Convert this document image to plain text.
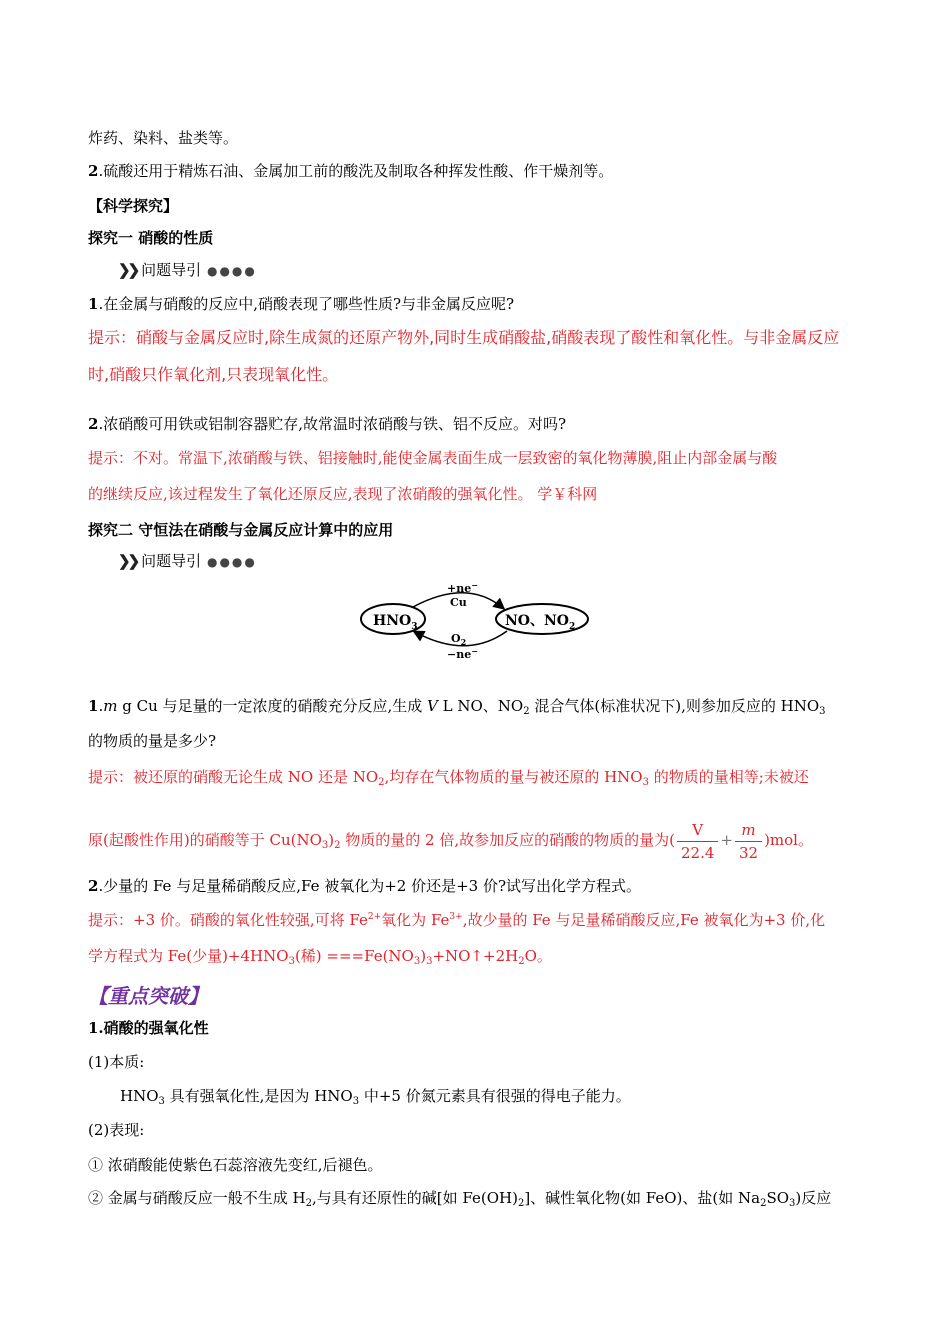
炸药、染料、盐类等。
2.硫酸还用于精炼石油、金属加工前的酸洗及制取各种挥发性酸、作干燥剂等。
【科学探究】
探究一 硝酸的性质
❯❯ 问题导引 ●●●●
1.在金属与硝酸的反应中,硝酸表现了哪些性质?与非金属反应呢?
提示：硝酸与金属反应时,除生成氮的还原产物外,同时生成硝酸盐,硝酸表现了酸性和氧化性。与非金属反应
时,硝酸只作氧化剂,只表现氧化性。
2.浓硝酸可用铁或铝制容器贮存,故常温时浓硝酸与铁、铝不反应。对吗?
提示：不对。常温下,浓硝酸与铁、铝接触时,能使金属表面生成一层致密的氧化物薄膜,阻止内部金属与酸
的继续反应,该过程发生了氧化还原反应,表现了浓硝酸的强氧化性。 学￥科网
探究二 守恒法在硝酸与金属反应计算中的应用
❯❯ 问题导引 ●●●●
$HNO_3$	NO、$NO_2$
+ne−
Cu
$O_2$
−ne−
1.m g Cu 与足量的一定浓度的硝酸充分反应,生成 V L NO、$NO_2$ 混合气体(标准状况下),则参加反应的 $HNO_3$
的物质的量是多少?
提示：被还原的硝酸无论生成 NO 还是 $NO_2$,均存在气体物质的量与被还原的 $HNO_3$ 的物质的量相等;未被还
原(起酸性作用)的硝酸等于 $Cu(NO_3)_2$ 物质的量的 2 倍,故参加反应的硝酸的物质的量为( $\frac{V}{22.4} + \frac{m}{32} )mol$。
2.少量的 Fe 与足量稀硝酸反应,Fe 被氧化为+2 价还是+3 价?试写出化学方程式。
提示：+3 价。硝酸的氧化性较强,可将 $Fe^{2+}$氧化为 $Fe^{3+}$,故少量的 Fe 与足量稀硝酸反应,Fe 被氧化为+3 价,化
学方程式为 Fe(少量)$+4HNO_3$(稀) $===Fe(NO_3)_3+NO↑+2H_2O$。
【重点突破】
1.硝酸的强氧化性
(1)本质:
$HNO_3$ 具有强氧化性,是因为 $HNO_3$ 中+5 价氮元素具有很强的得电子能力。
(2)表现:
① 浓硝酸能使紫色石蕊溶液先变红,后褪色。
② 金属与硝酸反应一般不生成 $H_2$,与具有还原性的碱[如 $Fe(OH)_2$]、碱性氧化物(如 FeO)、盐(如 $Na_2SO_3$)反应
